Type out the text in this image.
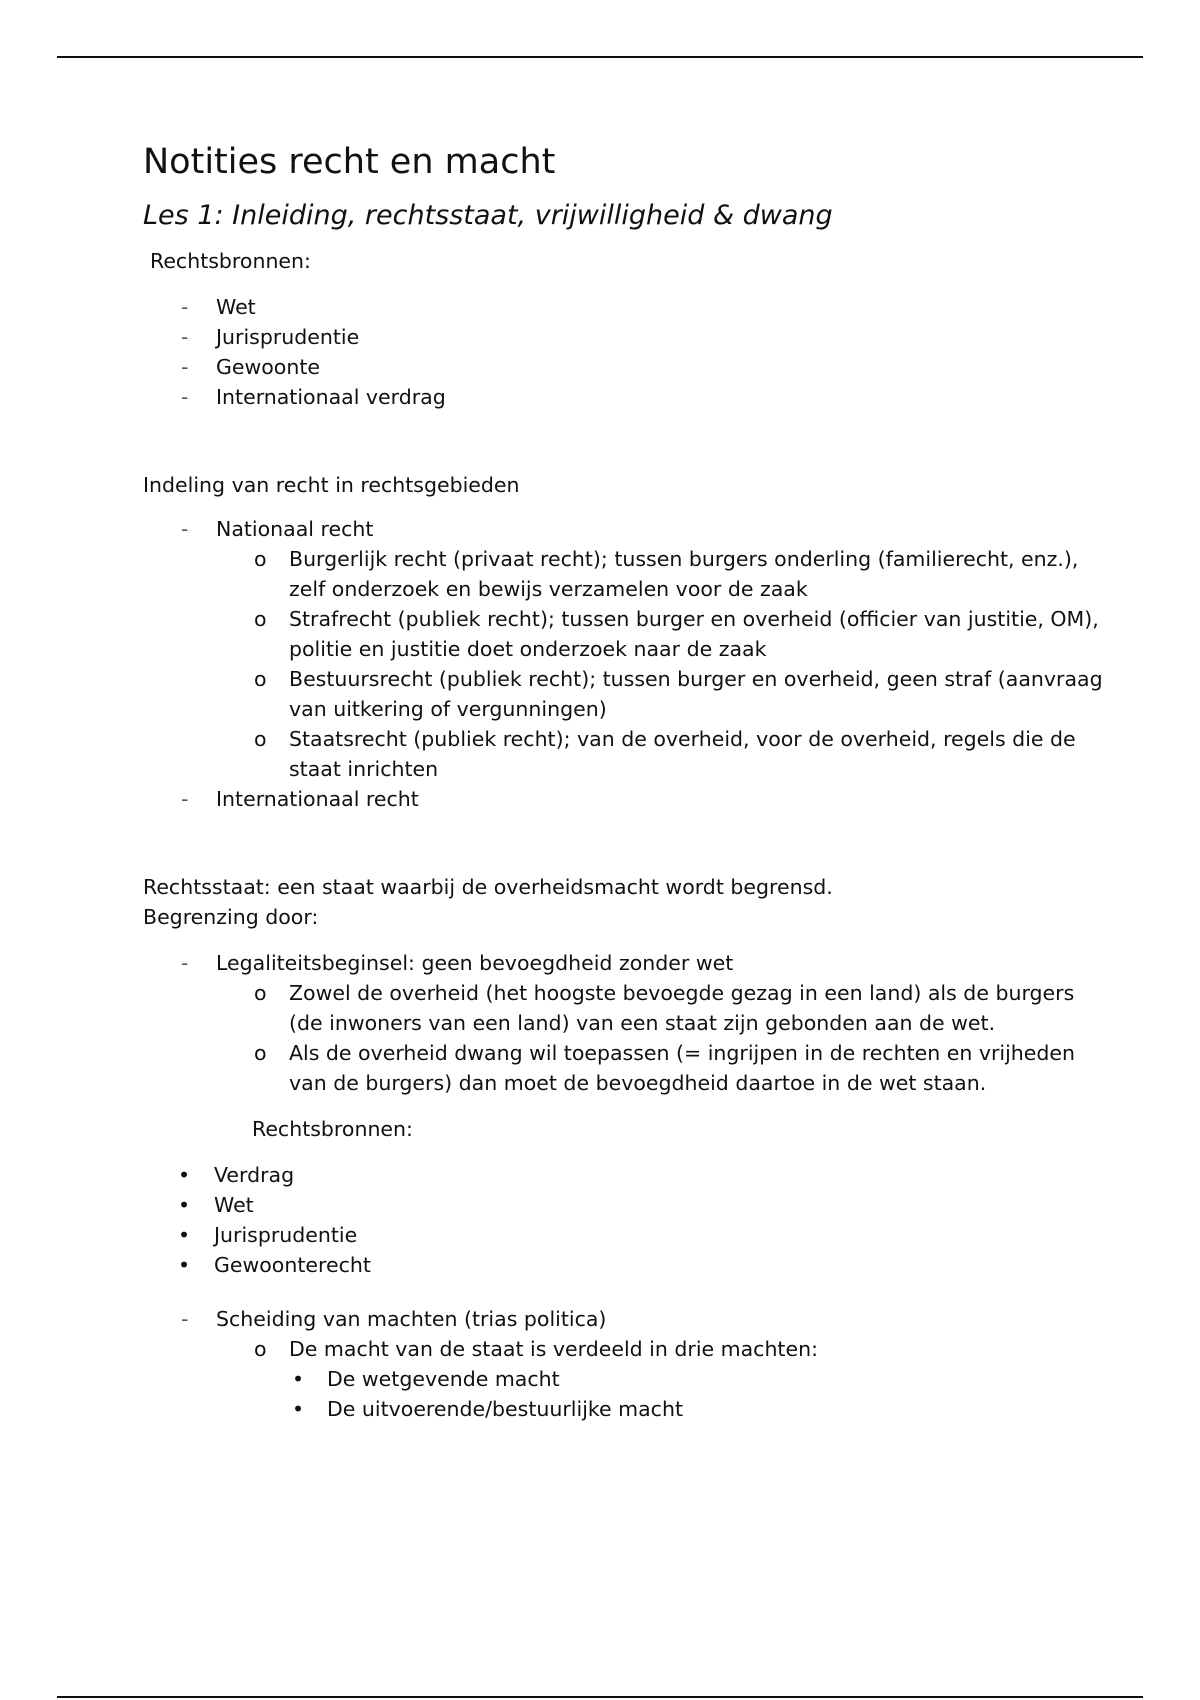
Notities recht en macht
Les 1: Inleiding, rechtsstaat, vrijwilligheid & dwang

Rechtsbronnen:

- Wet
- Jurisprudentie
- Gewoonte
- Internationaal verdrag

Indeling van recht in rechtsgebieden

- Nationaal recht
o Burgerlijk recht (privaat recht); tussen burgers onderling (familierecht, enz.), zelf onderzoek en bewijs verzamelen voor de zaak
o Strafrecht (publiek recht); tussen burger en overheid (officier van justitie, OM), politie en justitie doet onderzoek naar de zaak
o Bestuursrecht (publiek recht); tussen burger en overheid, geen straf (aanvraag van uitkering of vergunningen)
o Staatsrecht (publiek recht); van de overheid, voor de overheid, regels die de staat inrichten
- Internationaal recht

Rechtsstaat: een staat waarbij de overheidsmacht wordt begrensd.

Begrenzing door:

- Legaliteitsbeginsel: geen bevoegdheid zonder wet
o Zowel de overheid (het hoogste bevoegde gezag in een land) als de burgers (de inwoners van een land) van een staat zijn gebonden aan de wet.
o Als de overheid dwang wil toepassen (= ingrijpen in de rechten en vrijheden van de burgers) dan moet de bevoegdheid daartoe in de wet staan.

Rechtsbronnen:

• Verdrag
• Wet
• Jurisprudentie
• Gewoonterecht
- Scheiding van machten (trias politica)
o De macht van de staat is verdeeld in drie machten:
• De wetgevende macht
• De uitvoerende/bestuurlijke macht
